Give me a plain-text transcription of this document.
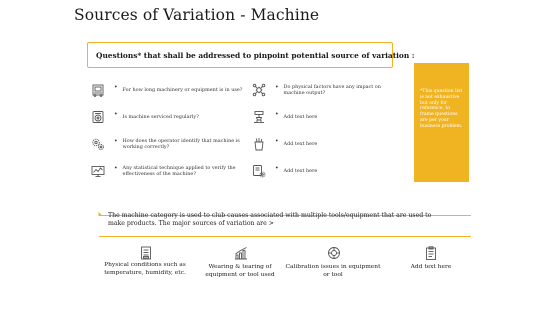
Sources of Variation - Machine
Questions* that shall be addressed to pinpoint potential source of variation :
• For how long machinery or equipment is in use?
• Is machine serviced regularly?
• How does the operator identify that machine is working correctly?
• Any statistical technique applied to verify the effectiveness of the machine?
• Do physical factors have any impact on machine output?
• Add text here
• Add text here
• Add text here
*This question list is not exhaustive but only for reference, to frame questions are per your business problem.
➤ The machine category is used to club causes associated with multiple tools/equipment that are used to make products. The major sources of variation are >
Physical conditions such as temperature, humidity, etc.
Wearing & tearing of equipment or tool used
Calibration issues in equipment or tool
Add text here
